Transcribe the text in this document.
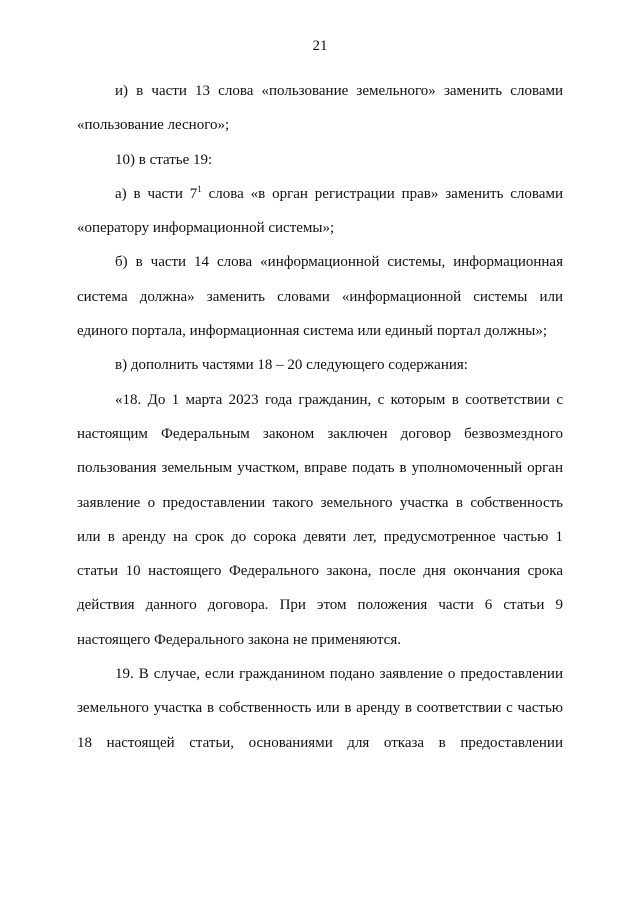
21

и) в части 13 слова «пользование земельного» заменить словами «пользование лесного»;

10) в статье 19:

а) в части $7^1$ слова «в орган регистрации прав» заменить словами «оператору информационной системы»;

б) в части 14 слова «информационной системы, информационная система должна» заменить словами «информационной системы или единого портала, информационная система или единый портал должны»;

в) дополнить частями 18 – 20 следующего содержания:

«18. До 1 марта 2023 года гражданин, с которым в соответствии с настоящим Федеральным законом заключен договор безвозмездного пользования земельным участком, вправе подать в уполномоченный орган заявление о предоставлении такого земельного участка в собственность или в аренду на срок до сорока девяти лет, предусмотренное частью 1 статьи 10 настоящего Федерального закона, после дня окончания срока действия данного договора. При этом положения части 6 статьи 9 настоящего Федерального закона не применяются.

19. В случае, если гражданином подано заявление о предоставлении земельного участка в собственность или в аренду в соответствии с частью 18 настоящей статьи, основаниями для отказа в предоставлении
